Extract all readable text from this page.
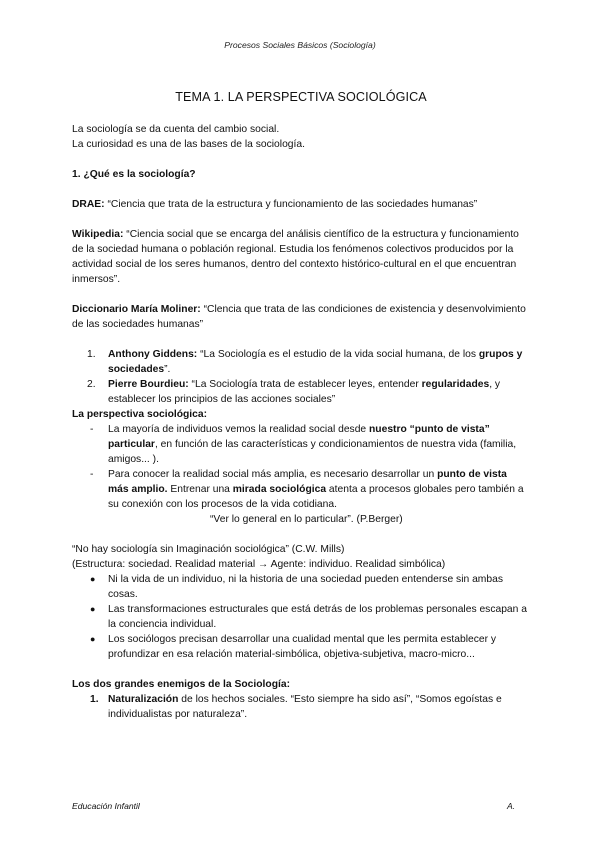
Procesos Sociales Básicos (Sociología)
TEMA 1. LA PERSPECTIVA SOCIOLÓGICA

La sociología se da cuenta del cambio social.

La curiosidad es una de las bases de la sociología.

1. ¿Qué es la sociología?

DRAE: “Ciencia que trata de la estructura y funcionamiento de las sociedades humanas”

Wikipedia: “Ciencia social que se encarga del análisis científico de la estructura y funcionamiento de la sociedad humana o población regional. Estudia los fenómenos colectivos producidos por la actividad social de los seres humanos, dentro del contexto histórico-cultural en el que encuentran inmersos”.

Diccionario María Moliner: “Clencia que trata de las condiciones de existencia y desenvolvimiento de las sociedades humanas”

1. Anthony Giddens: “La Sociología es el estudio de la vida social humana, de los grupos y sociedades”.
2. Pierre Bourdieu: “La Sociología trata de establecer leyes, entender regularidades, y establecer los principios de las acciones sociales”

La perspectiva sociológica:

- La mayoría de individuos vemos la realidad social desde nuestro “punto de vista” particular, en función de las características y condicionamientos de nuestra vida (familia, amigos... ).
- Para conocer la realidad social más amplia, es necesario desarrollar un punto de vista más amplio. Entrenar una mirada sociológica atenta a procesos globales pero también a su conexión con los procesos de la vida cotidiana.

“Ver lo general en lo particular”. (P.Berger)

“No hay sociología sin Imaginación sociológica” (C.W. Mills)

(Estructura: sociedad. Realidad material → Agente: individuo. Realidad simbólica)

● Ni la vida de un individuo, ni la historia de una sociedad pueden entenderse sin ambas cosas.
● Las transformaciones estructurales que está detrás de los problemas personales escapan a la conciencia individual.
● Los sociólogos precisan desarrollar una cualidad mental que les permita establecer y profundizar en esa relación material-simbólica, objetiva-subjetiva, macro-micro...

Los dos grandes enemigos de la Sociología:

1. Naturalización de los hechos sociales. “Esto siempre ha sido así”, “Somos egoístas e individualistas por naturaleza”.
Educación Infantil	A.
